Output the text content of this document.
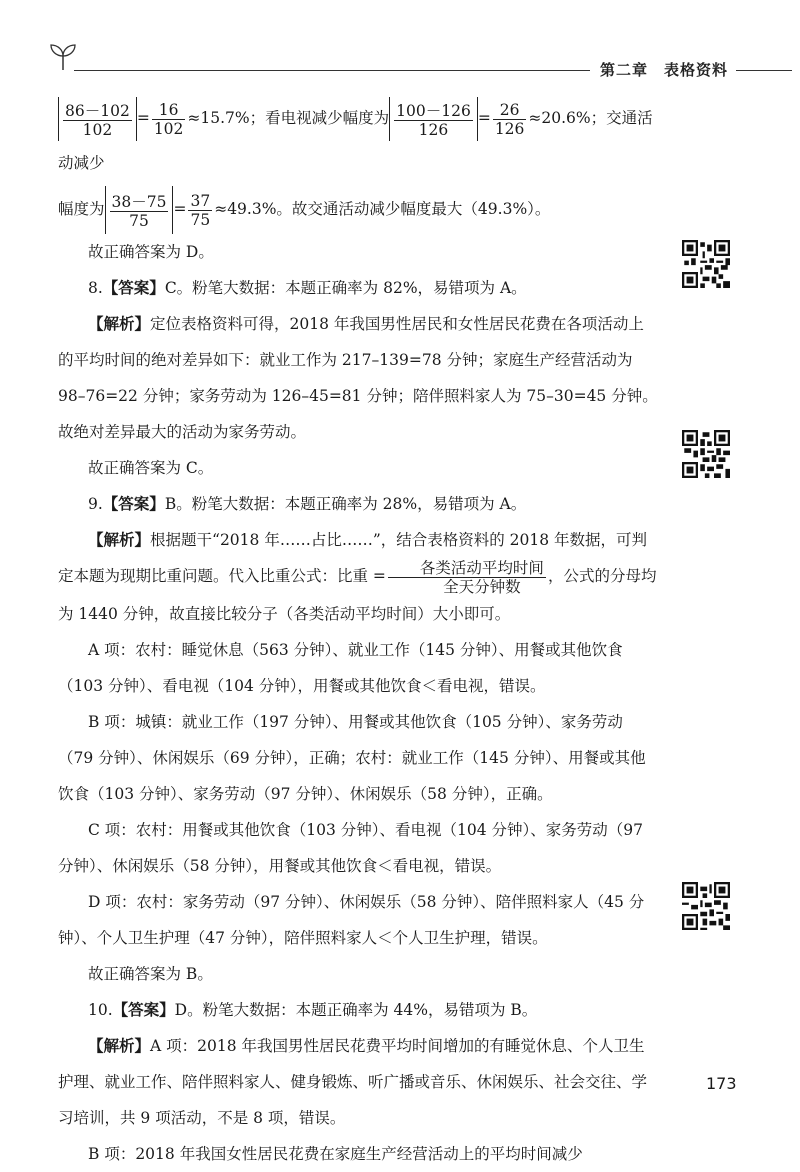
第二章　表格资料
$\frac{86-102}{102} = \frac{16}{102} \approx 15.7\%$；看电视减少幅度为 $\frac{100-126}{126} = \frac{26}{126} \approx 20.6\%$；交通活动减少
幅度为 $\frac{38-75}{75} = \frac{37}{75} \approx 49.3\%$。故交通活动减少幅度最大（49.3%）。

故正确答案为 D。

8.【答案】C。粉笔大数据：本题正确率为 82%，易错项为 A。

【解析】定位表格资料可得，2018 年我国男性居民和女性居民花费在各项活动上的平均时间的绝对差异如下：就业工作为 217–139=78 分钟；家庭生产经营活动为 98–76=22 分钟；家务劳动为 126–45=81 分钟；陪伴照料家人为 75–30=45 分钟。故绝对差异最大的活动为家务劳动。

故正确答案为 C。

9.【答案】B。粉笔大数据：本题正确率为 28%，易错项为 A。

【解析】根据题干“2018 年……占比……”，结合表格资料的 2018 年数据，可判定本题为现期比重问题。代入比重公式：比重 = $\frac{\text{各类活动平均时间}}{\text{全天分钟数}}$ ，公式的分母均为 1440 分钟，故直接比较分子（各类活动平均时间）大小即可。

A 项：农村：睡觉休息（563 分钟）、就业工作（145 分钟）、用餐或其他饮食（103 分钟）、看电视（104 分钟），用餐或其他饮食＜看电视，错误。

B 项：城镇：就业工作（197 分钟）、用餐或其他饮食（105 分钟）、家务劳动（79 分钟）、休闲娱乐（69 分钟），正确；农村：就业工作（145 分钟）、用餐或其他饮食（103 分钟）、家务劳动（97 分钟）、休闲娱乐（58 分钟），正确。

C 项：农村：用餐或其他饮食（103 分钟）、看电视（104 分钟）、家务劳动（97 分钟）、休闲娱乐（58 分钟），用餐或其他饮食＜看电视，错误。

D 项：农村：家务劳动（97 分钟）、休闲娱乐（58 分钟）、陪伴照料家人（45 分钟）、个人卫生护理（47 分钟），陪伴照料家人＜个人卫生护理，错误。

故正确答案为 B。

10.【答案】D。粉笔大数据：本题正确率为 44%，易错项为 B。

【解析】A 项：2018 年我国男性居民花费平均时间增加的有睡觉休息、个人卫生护理、就业工作、陪伴照料家人、健身锻炼、听广播或音乐、休闲娱乐、社会交往、学习培训，共 9 项活动，不是 8 项，错误。

B 项：2018 年我国女性居民花费在家庭生产经营活动上的平均时间减少

173
